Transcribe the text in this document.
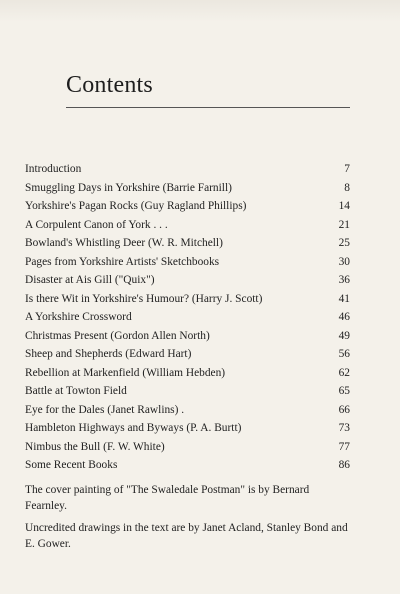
Contents
Introduction	7
Smuggling Days in Yorkshire (Barrie Farnill)	8
Yorkshire's Pagan Rocks (Guy Ragland Phillips)	14
A Corpulent Canon of York . . .	21
Bowland's Whistling Deer (W. R. Mitchell)	25
Pages from Yorkshire Artists' Sketchbooks	30
Disaster at Ais Gill ("Quix")	36
Is there Wit in Yorkshire's Humour? (Harry J. Scott)	41
A Yorkshire Crossword	46
Christmas Present (Gordon Allen North)	49
Sheep and Shepherds (Edward Hart)	56
Rebellion at Markenfield (William Hebden)	62
Battle at Towton Field	65
Eye for the Dales (Janet Rawlins) .	66
Hambleton Highways and Byways (P. A. Burtt)	73
Nimbus the Bull (F. W. White)	77
Some Recent Books	86

The cover painting of "The Swaledale Postman" is by Bernard Fearnley.

Uncredited drawings in the text are by Janet Acland, Stanley Bond and E. Gower.
